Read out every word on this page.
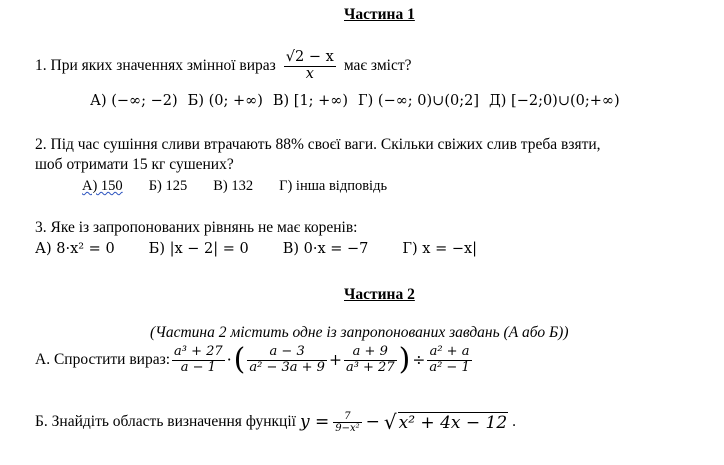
Частина 1
1. При яких значеннях змінної вираз $\frac{√2 - x}{x}$ має зміст?
А) (−∞; −2) Б) (0; +∞) В) [1; +∞) Г) (−∞; 0)∪(0;2] Д) [−2;0)∪(0;+∞)
2. Під час сушіння сливи втрачають 88% своєї ваги. Скільки свіжих слив треба взяти,
шоб отримати 15 кг сушених?
А) 150 Б) 125 В) 132 Г) інша відповідь
3. Яке із запропонованих рівнянь не має коренів:
А) 8·x² = 0 Б) |x − 2| = 0 В) 0·x = −7 Г) x = −x|
Частина 2
(Частина 2 містить одне із запропонованих завдань (А або Б))
А. Спростити вираз: $\frac{\text{a³ + 27}}{a - 1}$ · ( $\frac{a - 3}{\text{a² − 3a + 9}} + \frac{a + 9}{\text{a³ + 27}}$ ) ÷ $\frac{\text{a² + a}}{\text{a² − 1}}$
Б. Знайдіть область визначення функції $y = \frac{7}{\text{9−x²}}$ − √ x² + 4x − 12 .
